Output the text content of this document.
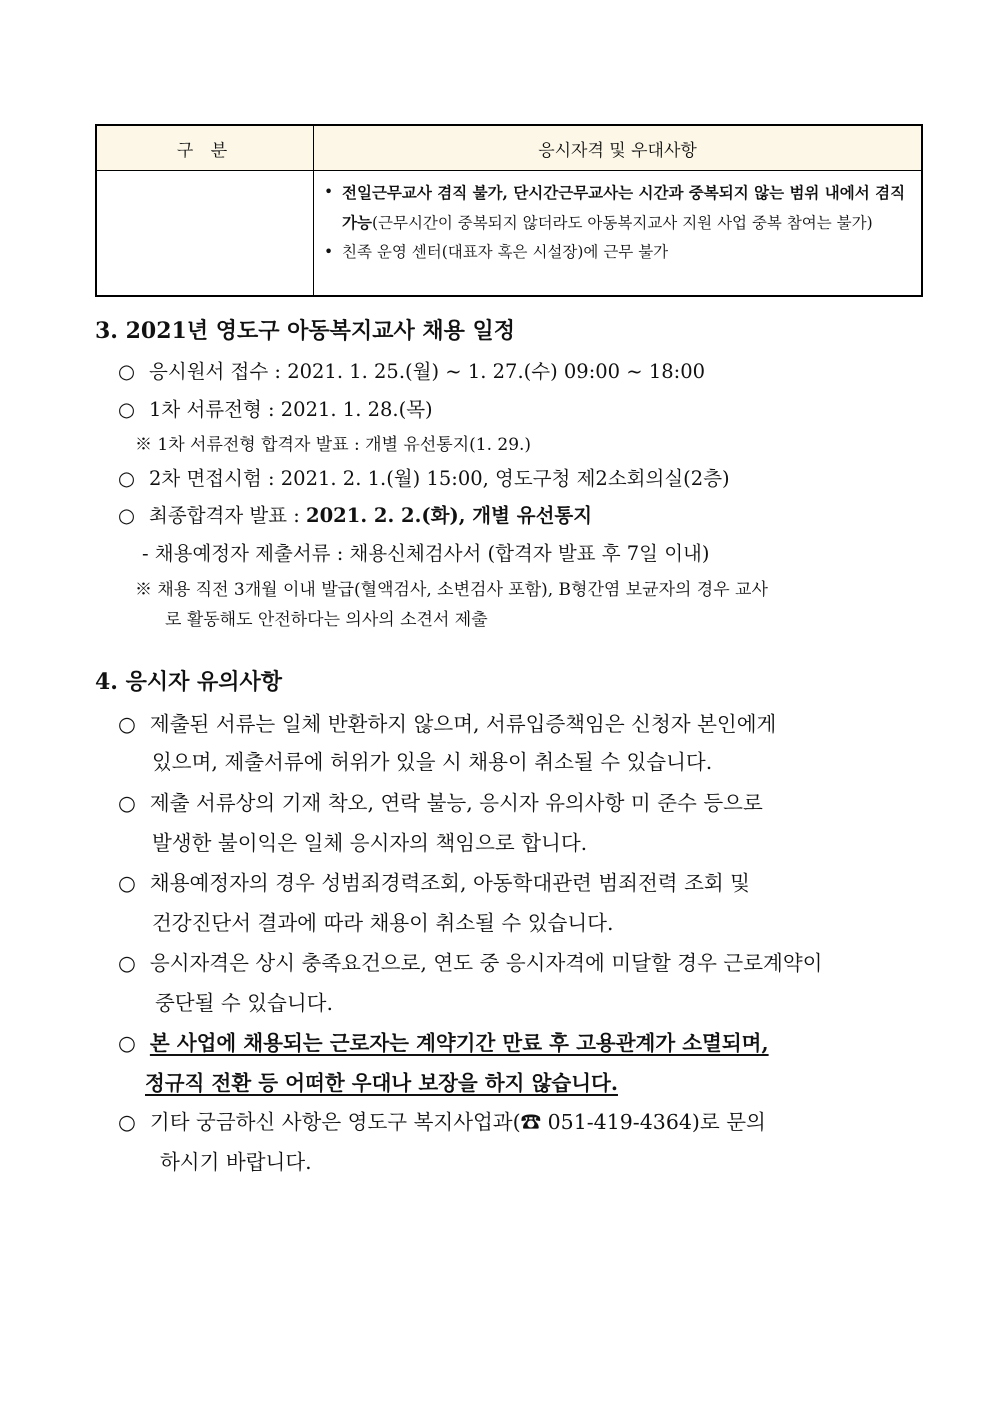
구 분	응시자격 및 우대사항
• 전일근무교사 겸직 불가, 단시간근무교사는 시간과 중복되지 않는 범위 내에서 겸직 가능(근무시간이 중복되지 않더라도 아동복지교사 지원 사업 중복 참여는 불가)
• 친족 운영 센터(대표자 혹은 시설장)에 근무 불가
3. 2021년 영도구 아동복지교사 채용 일정
○ 응시원서 접수 : 2021. 1. 25.(월) ~ 1. 27.(수) 09:00 ~ 18:00
○ 1차 서류전형 : 2021. 1. 28.(목)
※ 1차 서류전형 합격자 발표 : 개별 유선통지(1. 29.)
○ 2차 면접시험 : 2021. 2. 1.(월) 15:00, 영도구청 제2소회의실(2층)
○ 최종합격자 발표 : 2021. 2. 2.(화), 개별 유선통지
- 채용예정자 제출서류 : 채용신체검사서 (합격자 발표 후 7일 이내)
※ 채용 직전 3개월 이내 발급(혈액검사, 소변검사 포함), B형간염 보균자의 경우 교사
로 활동해도 안전하다는 의사의 소견서 제출
4. 응시자 유의사항
○ 제출된 서류는 일체 반환하지 않으며, 서류입증책임은 신청자 본인에게
있으며, 제출서류에 허위가 있을 시 채용이 취소될 수 있습니다.
○ 제출 서류상의 기재 착오, 연락 불능, 응시자 유의사항 미 준수 등으로
발생한 불이익은 일체 응시자의 책임으로 합니다.
○ 채용예정자의 경우 성범죄경력조회, 아동학대관련 범죄전력 조회 및
건강진단서 결과에 따라 채용이 취소될 수 있습니다.
○ 응시자격은 상시 충족요건으로, 연도 중 응시자격에 미달할 경우 근로계약이
중단될 수 있습니다.
○ 본 사업에 채용되는 근로자는 계약기간 만료 후 고용관계가 소멸되며,
정규직 전환 등 어떠한 우대나 보장을 하지 않습니다.
○ 기타 궁금하신 사항은 영도구 복지사업과(☎ 051-419-4364)로 문의
하시기 바랍니다.
